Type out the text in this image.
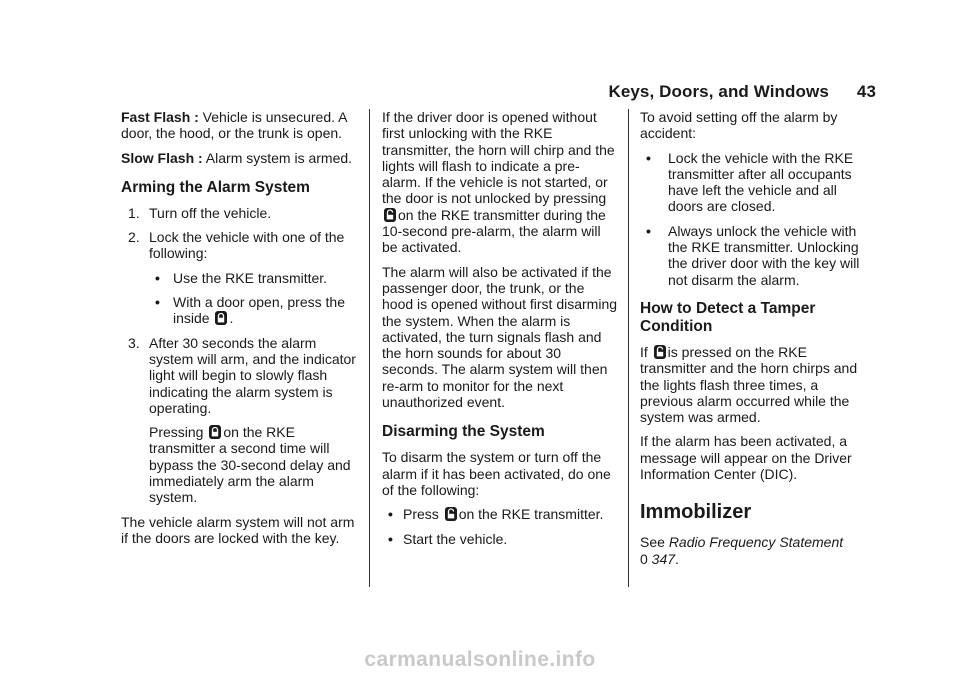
Keys, Doors, and Windows 43

Fast Flash : Vehicle is unsecured. A door, the hood, or the trunk is open.

Slow Flash : Alarm system is armed.

Arming the Alarm System
1. Turn off the vehicle.
2. Lock the vehicle with one of the following:
• Use the RKE transmitter.
• With a door open, press the inside .
3. After 30 seconds the alarm system will arm, and the indicator light will begin to slowly flash indicating the alarm system is operating.

Pressing on the RKE transmitter a second time will bypass the 30-second delay and immediately arm the alarm system.

The vehicle alarm system will not arm if the doors are locked with the key.

If the driver door is opened without first unlocking with the RKE transmitter, the horn will chirp and the lights will flash to indicate a pre-alarm. If the vehicle is not started, or the door is not unlocked by pressing
on the RKE transmitter during the 10-second pre-alarm, the alarm will be activated.

The alarm will also be activated if the passenger door, the trunk, or the hood is opened without first disarming the system. When the alarm is activated, the turn signals flash and the horn sounds for about 30 seconds. The alarm system will then re-arm to monitor for the next unauthorized event.

Disarming the System

To disarm the system or turn off the alarm if it has been activated, do one of the following:

• Press on the RKE transmitter.
• Start the vehicle.

To avoid setting off the alarm by accident:

• Lock the vehicle with the RKE transmitter after all occupants have left the vehicle and all doors are closed.
• Always unlock the vehicle with the RKE transmitter. Unlocking the driver door with the key will not disarm the alarm.
How to Detect a Tamper Condition

If is pressed on the RKE transmitter and the horn chirps and the lights flash three times, a previous alarm occurred while the system was armed.

If the alarm has been activated, a message will appear on the Driver Information Center (DIC).

Immobilizer

See Radio Frequency Statement
0 347.

carmanualsonline.info
